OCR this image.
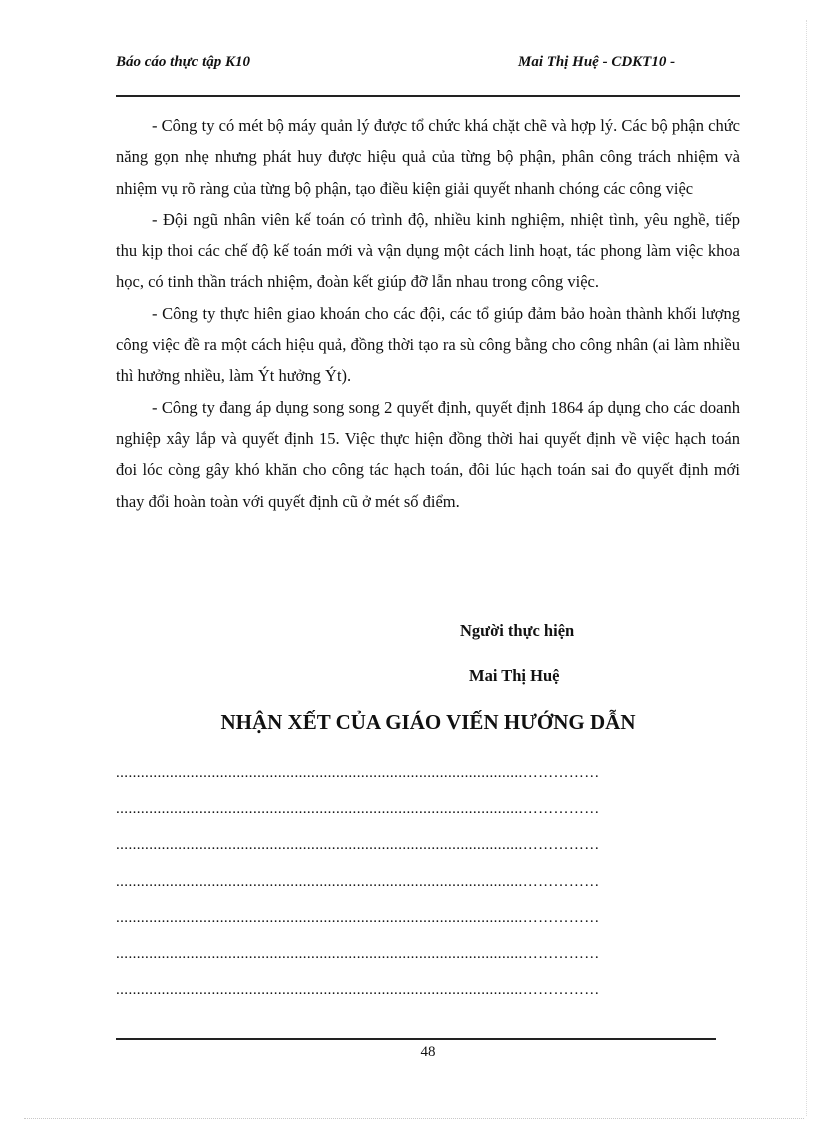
Báo cáo thực tập K10	Mai Thị Huệ - CDKT10 -

- Công ty có mét bộ máy quản lý được tổ chức khá chặt chẽ và hợp lý. Các bộ phận chức năng gọn nhẹ nhưng phát huy được hiệu quả của từng bộ phận, phân công trách nhiệm và nhiệm vụ rõ ràng của từng bộ phận, tạo điều kiện giải quyết nhanh chóng các công việc

- Đội ngũ nhân viên kế toán có trình độ, nhiều kinh nghiệm, nhiệt tình, yêu nghề, tiếp thu kịp thoi các chế độ kế toán mới và vận dụng một cách linh hoạt, tác phong làm việc khoa học, có tinh thần trách nhiệm, đoàn kết giúp đỡ lẫn nhau trong công việc.

- Công ty thực hiên giao khoán cho các đội, các tổ giúp đảm bảo hoàn thành khối lượng công việc đề ra một cách hiệu quả, đồng thời tạo ra sù công bằng cho công nhân (ai làm nhiều thì hưởng nhiều, làm Ýt hưởng Ýt).

- Công ty đang áp dụng song song 2 quyết định, quyết định 1864 áp dụng cho các doanh nghiệp xây lắp và quyết định 15. Việc thực hiện đồng thời hai quyết định về việc hạch toán đoi lóc còng gây khó khăn cho công tác hạch toán, đôi lúc hạch toán sai đo quyết định mới thay đổi hoàn toàn với quyết định cũ ở mét số điểm.

Người thực hiện
Mai Thị Huệ
NHẬN XẾT CỦA GIÁO VIẾN HƯỚNG DẪN
..................................................................................................……………
..................................................................................................……………
..................................................................................................……………
..................................................................................................……………
..................................................................................................……………
..................................................................................................……………
..................................................................................................……………
48
